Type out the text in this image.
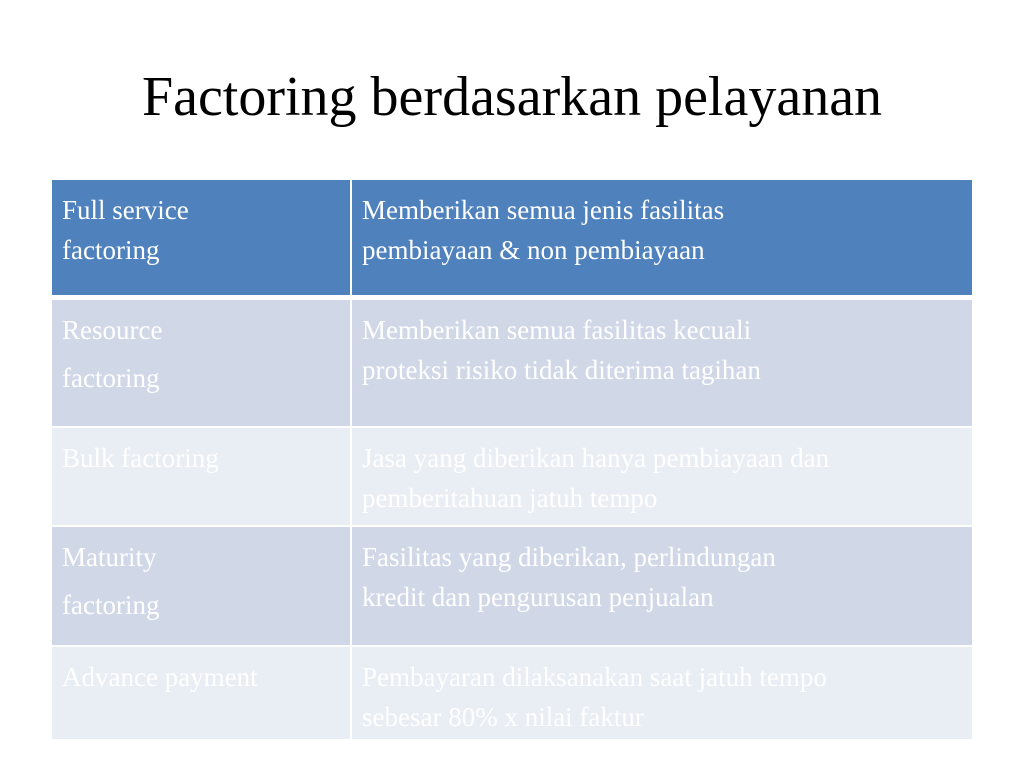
Factoring berdasarkan pelayanan
Full service
factoring
Memberikan semua jenis fasilitas
pembiayaan & non pembiayaan
Resource
factoring
Memberikan semua fasilitas kecuali
proteksi risiko tidak diterima tagihan
Bulk factoring	Jasa yang diberikan hanya pembiayaan dan
pemberitahuan jatuh tempo
Maturity
factoring
Fasilitas yang diberikan, perlindungan
kredit dan pengurusan penjualan
Advance payment	Pembayaran dilaksanakan saat jatuh tempo
sebesar 80% x nilai faktur
